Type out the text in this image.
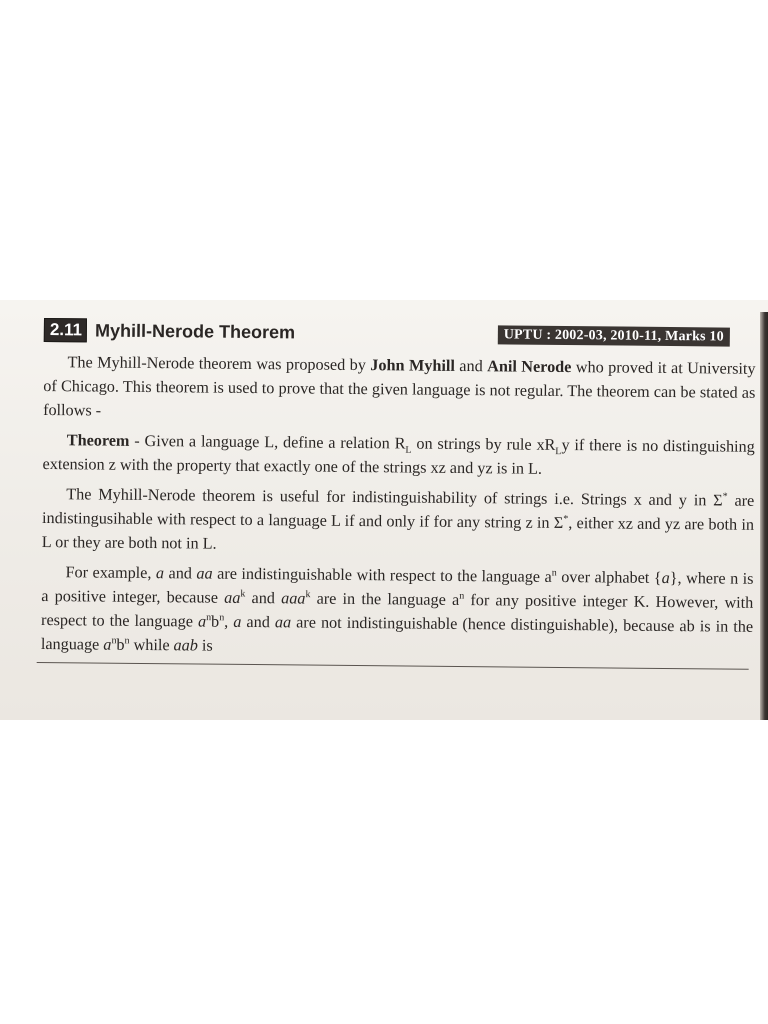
2.11 Myhill-Nerode Theorem	UPTU : 2002-03, 2010-11, Marks 10

The Myhill-Nerode theorem was proposed by John Myhill and Anil Nerode who proved it at University of Chicago. This theorem is used to prove that the given language is not regular. The theorem can be stated as follows -

Theorem - Given a language L, define a relation $R_L$ on strings by rule $xR_Ly$ if there is no distinguishing extension z with the property that exactly one of the strings xz and yz is in L.

The Myhill-Nerode theorem is useful for indistinguishability of strings i.e. Strings x and y in Σ* are indistingusihable with respect to a language L if and only if for any string z in Σ*, either xz and yz are both in L or they are both not in L.

For example, a and aa are indistinguishable with respect to the language $a^n$ over alphabet {a}, where n is a positive integer, because $aa^k$ and aaa$^k$ are in the language $a^n$ for any positive integer K. However, with respect to the language $a^nb^n$, a and aa are not indistinguishable (hence distinguishable), because ab is in the language $a^nb^n$ while aab is
